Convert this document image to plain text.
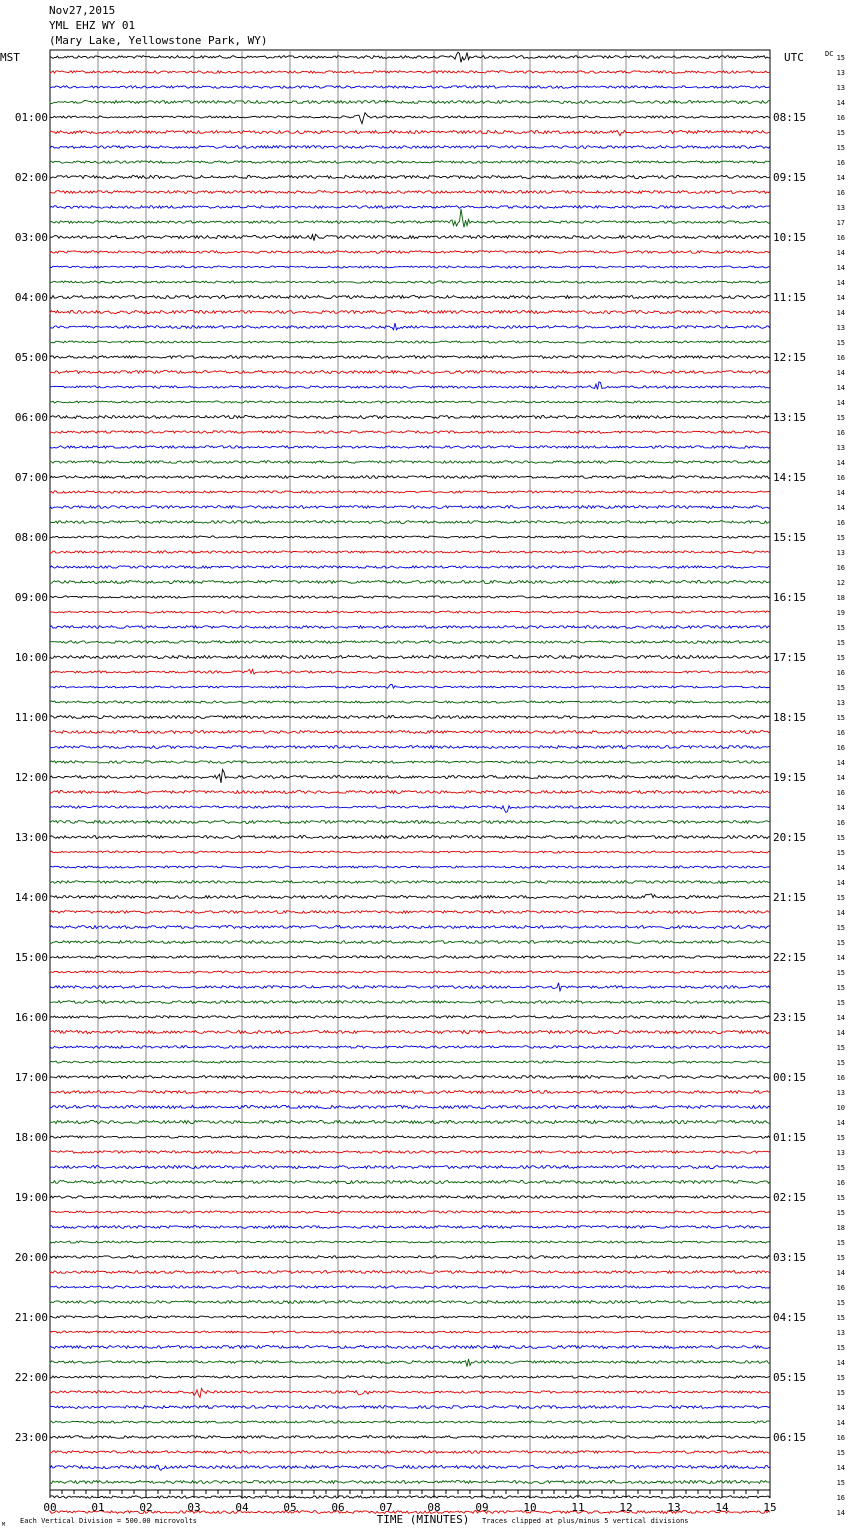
Nov27,2015
YML EHZ WY 01
(Mary Lake, Yellowstone Park, WY)
MST	UTC	DC
01:00
02:00
03:00
04:00
05:00
06:00
07:00
08:00
09:00
10:00
11:00
12:00
13:00
14:00
15:00
16:00
17:00
18:00
19:00
20:00
21:00
22:00
23:00
08:15
09:15
10:15
11:15
12:15
13:15
14:15
15:15
16:15
17:15
18:15
19:15
20:15
21:15
22:15
23:15
00:15
01:15
02:15
03:15
04:15
05:15
06:15
15
13
13
14
16
15
15
16
14
16
13
17
16
14
14
14
14
14
13
15
16
14
14
14
15
16
13
14
16
14
14
16
15
13
16
12
18
19
15
15
15
16
15
13
15
16
16
14
14
16
14
16
15
15
14
14
15
14
15
15
14
15
15
15
14
14
15
15
16
13
10
14
15
13
15
16
15
15
18
15
15
14
16
15
15
13
15
14
15
15
14
14
16
15
14
15
16
14
00	01	02	03	04	05	06	07	08	09	10	11	12	13	14	15
TIME (MINUTES)
Each Vertical Division = 500.00 microvolts	Traces clipped at plus/minus 5 vertical divisions
M
